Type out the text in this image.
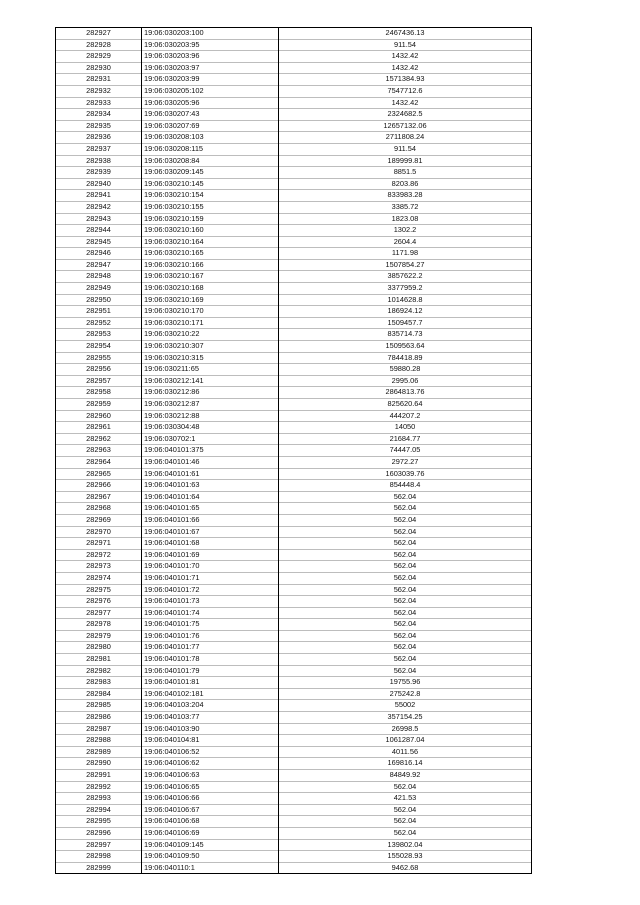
282927	19:06:030203:100	2467436.13
282928	19:06:030203:95	911.54
282929	19:06:030203:96	1432.42
282930	19:06:030203:97	1432.42
282931	19:06:030203:99	1571384.93
282932	19:06:030205:102	7547712.6
282933	19:06:030205:96	1432.42
282934	19:06:030207:43	2324682.5
282935	19:06:030207:69	12657132.06
282936	19:06:030208:103	2711808.24
282937	19:06:030208:115	911.54
282938	19:06:030208:84	189999.81
282939	19:06:030209:145	8851.5
282940	19:06:030210:145	8203.86
282941	19:06:030210:154	833983.28
282942	19:06:030210:155	3385.72
282943	19:06:030210:159	1823.08
282944	19:06:030210:160	1302.2
282945	19:06:030210:164	2604.4
282946	19:06:030210:165	1171.98
282947	19:06:030210:166	1507854.27
282948	19:06:030210:167	3857622.2
282949	19:06:030210:168	3377959.2
282950	19:06:030210:169	1014628.8
282951	19:06:030210:170	186924.12
282952	19:06:030210:171	1509457.7
282953	19:06:030210:22	835714.73
282954	19:06:030210:307	1509563.64
282955	19:06:030210:315	784418.89
282956	19:06:030211:65	59880.28
282957	19:06:030212:141	2995.06
282958	19:06:030212:86	2864813.76
282959	19:06:030212:87	825620.64
282960	19:06:030212:88	444207.2
282961	19:06:030304:48	14050
282962	19:06:030702:1	21684.77
282963	19:06:040101:375	74447.05
282964	19:06:040101:46	2972.27
282965	19:06:040101:61	1603039.76
282966	19:06:040101:63	854448.4
282967	19:06:040101:64	562.04
282968	19:06:040101:65	562.04
282969	19:06:040101:66	562.04
282970	19:06:040101:67	562.04
282971	19:06:040101:68	562.04
282972	19:06:040101:69	562.04
282973	19:06:040101:70	562.04
282974	19:06:040101:71	562.04
282975	19:06:040101:72	562.04
282976	19:06:040101:73	562.04
282977	19:06:040101:74	562.04
282978	19:06:040101:75	562.04
282979	19:06:040101:76	562.04
282980	19:06:040101:77	562.04
282981	19:06:040101:78	562.04
282982	19:06:040101:79	562.04
282983	19:06:040101:81	19755.96
282984	19:06:040102:181	275242.8
282985	19:06:040103:204	55002
282986	19:06:040103:77	357154.25
282987	19:06:040103:90	26998.5
282988	19:06:040104:81	1061287.04
282989	19:06:040106:52	4011.56
282990	19:06:040106:62	169816.14
282991	19:06:040106:63	84849.92
282992	19:06:040106:65	562.04
282993	19:06:040106:66	421.53
282994	19:06:040106:67	562.04
282995	19:06:040106:68	562.04
282996	19:06:040106:69	562.04
282997	19:06:040109:145	139802.04
282998	19:06:040109:50	155028.93
282999	19:06:040110:1	9462.68
